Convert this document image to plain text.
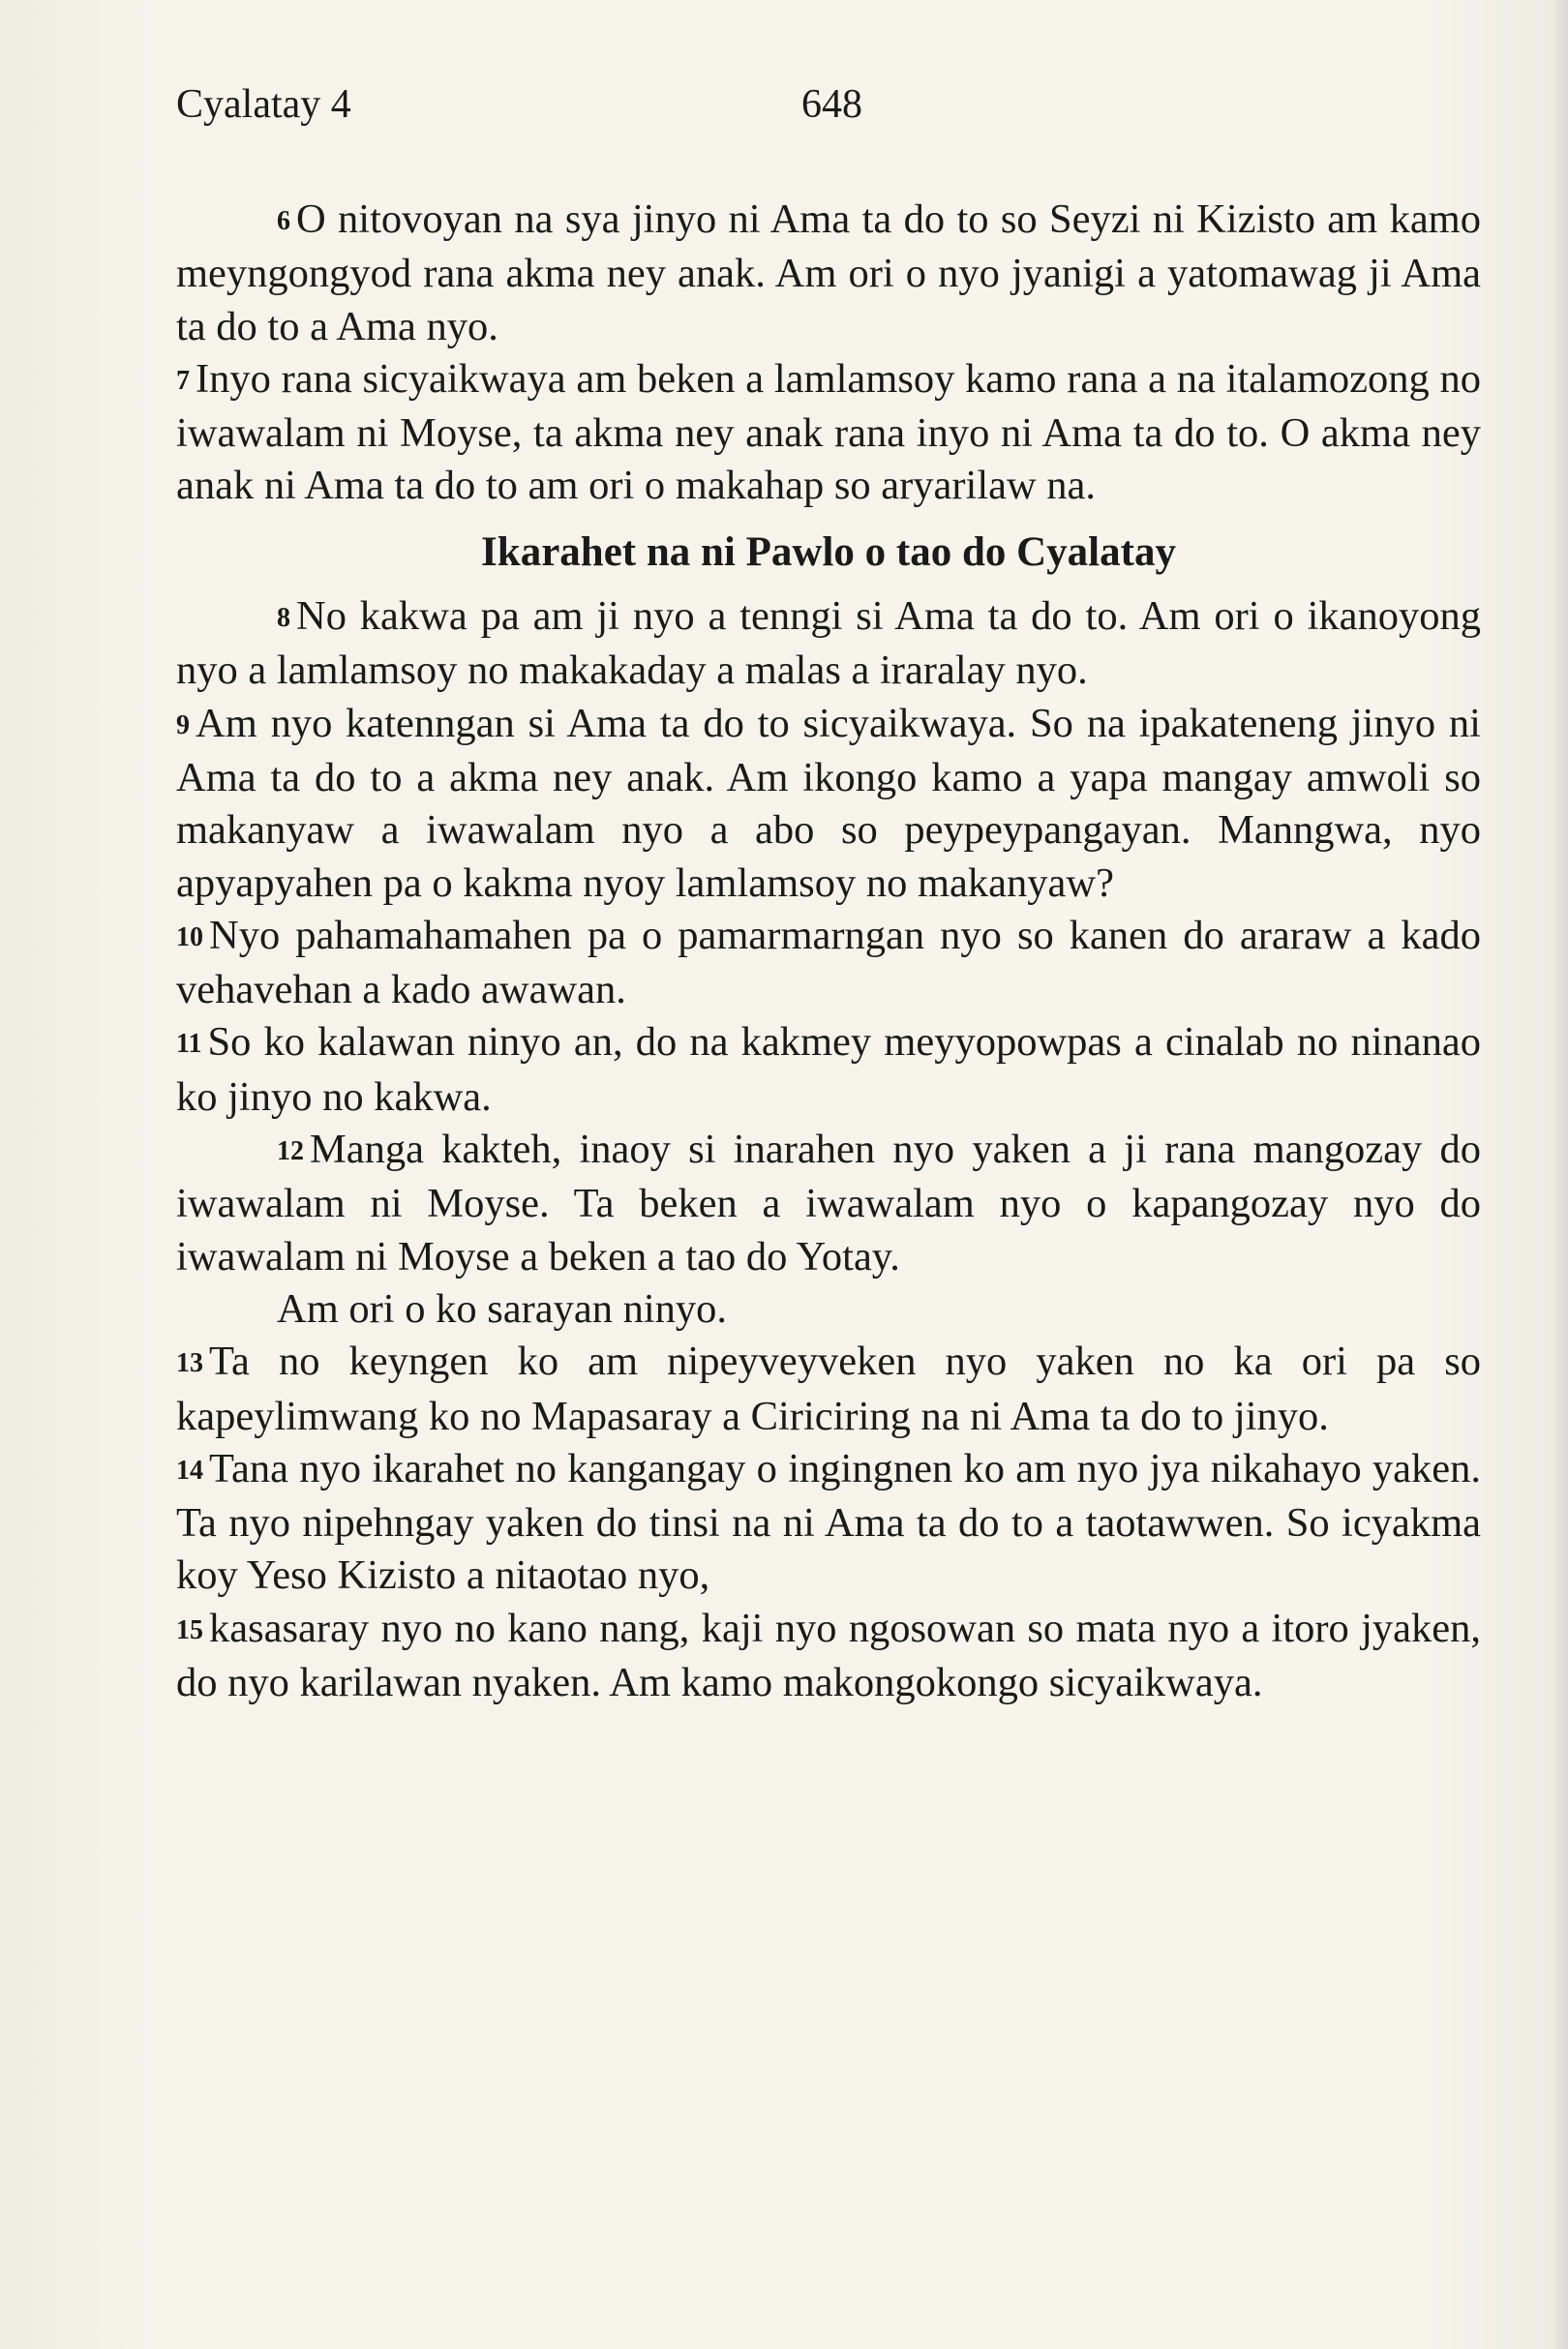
Cyalatay 4	648

6 O nitovoyan na sya jinyo ni Ama ta do to so Seyzi ni Kizisto am kamo meyngongyod rana akma ney anak. Am ori o nyo jyanigi a yatomawag ji Ama ta do to a Ama nyo.

7 Inyo rana sicyaikwaya am beken a lamlamsoy kamo rana a na italamozong no iwawalam ni Moyse, ta akma ney anak rana inyo ni Ama ta do to. O akma ney anak ni Ama ta do to am ori o makahap so aryarilaw na.

Ikarahet na ni Pawlo o tao do Cyalatay

8 No kakwa pa am ji nyo a tenngi si Ama ta do to. Am ori o ikanoyong nyo a lamlamsoy no makakaday a malas a iraralay nyo.

9 Am nyo katenngan si Ama ta do to sicyaikwaya. So na ipakateneng jinyo ni Ama ta do to a akma ney anak. Am ikongo kamo a yapa mangay amwoli so makanyaw a iwawalam nyo a abo so peypeypangayan. Manngwa, nyo apyapyahen pa o kakma nyoy lamlamsoy no makanyaw?

10 Nyo pahamahamahen pa o pamarmarngan nyo so kanen do araraw a kado vehavehan a kado awawan.

11 So ko kalawan ninyo an, do na kakmey meyyopowpas a cinalab no ninanao ko jinyo no kakwa.

12 Manga kakteh, inaoy si inarahen nyo yaken a ji rana mangozay do iwawalam ni Moyse. Ta beken a iwawalam nyo o kapangozay nyo do iwawalam ni Moyse a beken a tao do Yotay.

Am ori o ko sarayan ninyo.

13 Ta no keyngen ko am nipeyveyveken nyo yaken no ka ori pa so kapeylimwang ko no Mapasaray a Ciriciring na ni Ama ta do to jinyo.

14 Tana nyo ikarahet no kangangay o ingingnen ko am nyo jya nikahayo yaken. Ta nyo nipehngay yaken do tinsi na ni Ama ta do to a taotawwen. So icyakma koy Yeso Kizisto a nitaotao nyo,

15 kasasaray nyo no kano nang, kaji nyo ngosowan so mata nyo a itoro jyaken, do nyo karilawan nyaken. Am kamo makongokongo sicyaikwaya.
